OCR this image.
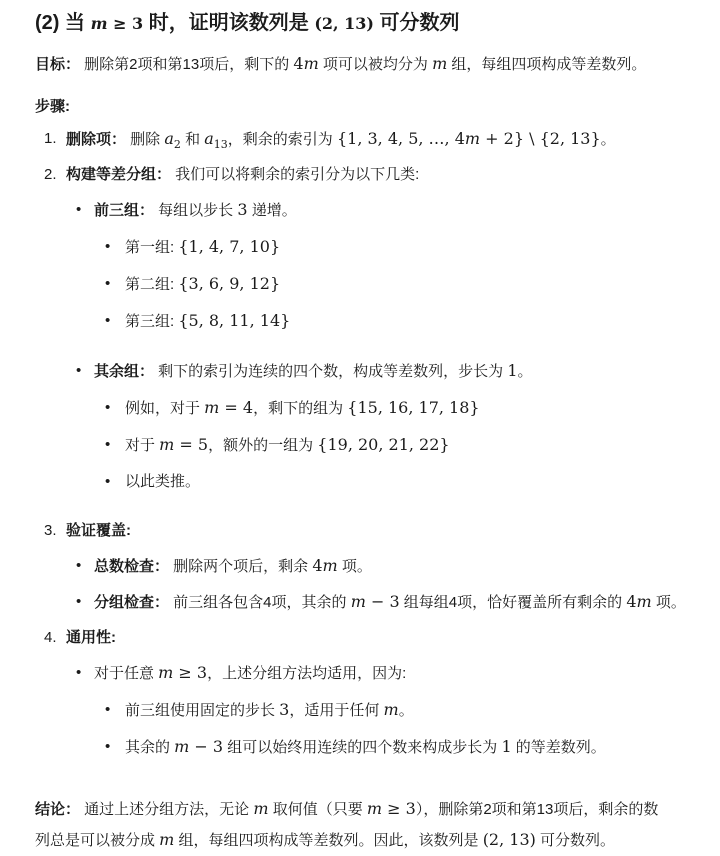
(2) 当 m ≥ 3 时，证明该数列是 (2, 13) 可分数列

目标： 删除第2项和第13项后，剩下的 4m 项可以被均分为 m 组，每组四项构成等差数列。

步骤:

1. 删除项： 删除 $a_2$ 和 $a_{13}$，剩余的索引为 {1, 3, 4, 5, …, 4m + 2} \ {2, 13}。
2. 构建等差分组： 我们可以将剩余的索引分为以下几类:
• 前三组： 每组以步长 3 递增。
• 第一组: {1, 4, 7, 10}
• 第二组: {3, 6, 9, 12}
• 第三组: {5, 8, 11, 14}
• 其余组： 剩下的索引为连续的四个数，构成等差数列，步长为 1。
• 例如，对于 m = 4，剩下的组为 {15, 16, 17, 18}
• 对于 m = 5，额外的一组为 {19, 20, 21, 22}
• 以此类推。
3. 验证覆盖:
• 总数检查： 删除两个项后，剩余 4m 项。
• 分组检查： 前三组各包含4项，其余的 m − 3 组每组4项，恰好覆盖所有剩余的 4m 项。
4. 通用性:
• 对于任意 m ≥ 3，上述分组方法均适用，因为:
• 前三组使用固定的步长 3，适用于任何 m。
• 其余的 m − 3 组可以始终用连续的四个数来构成步长为 1 的等差数列。

结论： 通过上述分组方法，无论 m 取何值（只要 m ≥ 3），删除第2项和第13项后，剩余的数列总是可以被分成 m 组，每组四项构成等差数列。因此，该数列是 (2, 13) 可分数列。
